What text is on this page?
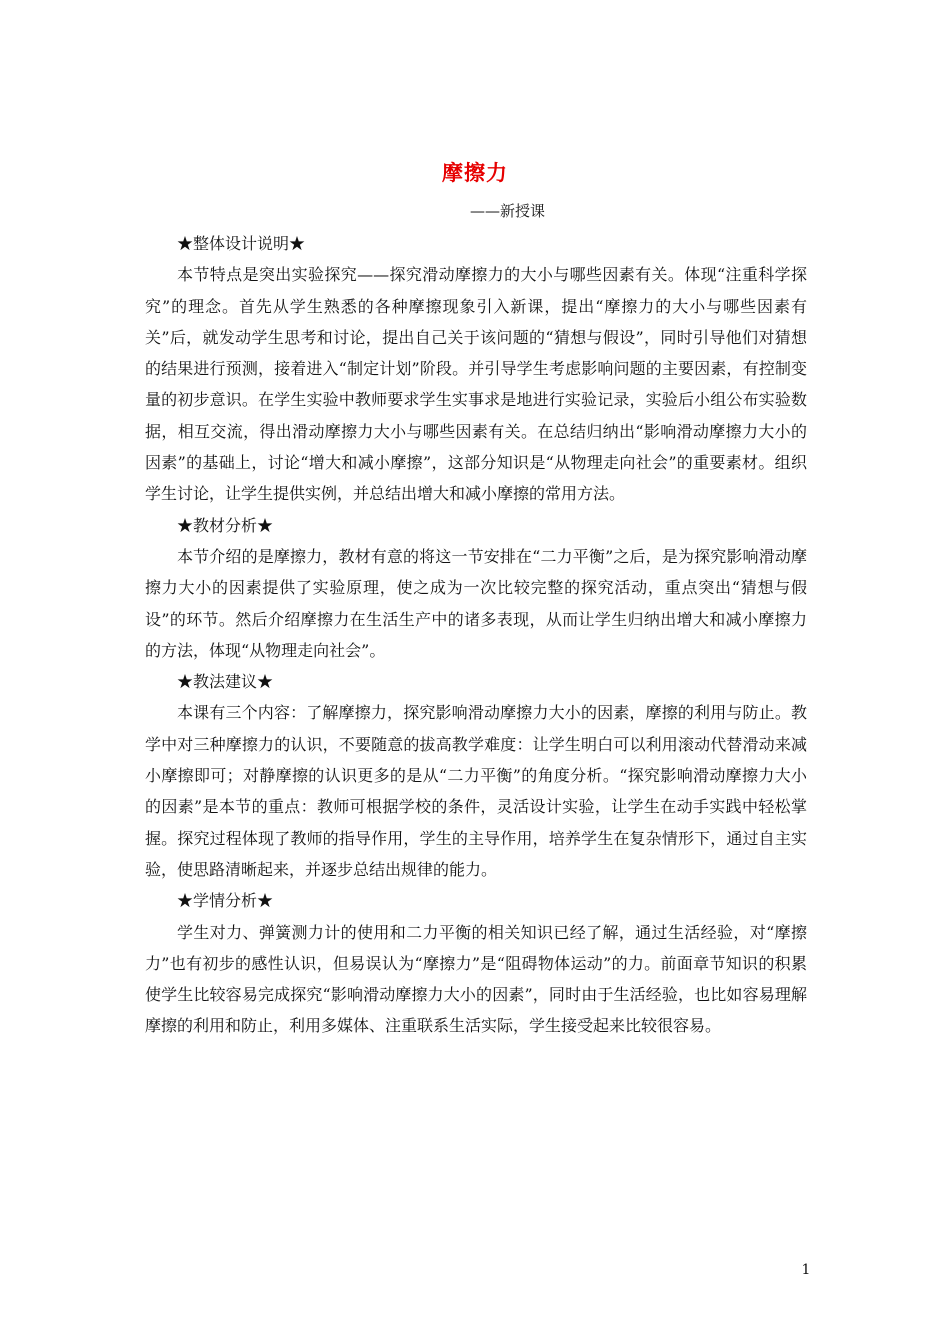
摩擦力
——新授课

★整体设计说明★

本节特点是突出实验探究——探究滑动摩擦力的大小与哪些因素有关。体现“注重科学探究”的理念。首先从学生熟悉的各种摩擦现象引入新课，提出“摩擦力的大小与哪些因素有关”后，就发动学生思考和讨论，提出自己关于该问题的“猜想与假设”，同时引导他们对猜想的结果进行预测，接着进入“制定计划”阶段。并引导学生考虑影响问题的主要因素，有控制变量的初步意识。在学生实验中教师要求学生实事求是地进行实验记录，实验后小组公布实验数据，相互交流，得出滑动摩擦力大小与哪些因素有关。在总结归纳出“影响滑动摩擦力大小的因素”的基础上，讨论“增大和减小摩擦”，这部分知识是“从物理走向社会”的重要素材。组织学生讨论，让学生提供实例，并总结出增大和减小摩擦的常用方法。

★教材分析★

本节介绍的是摩擦力，教材有意的将这一节安排在“二力平衡”之后，是为探究影响滑动摩擦力大小的因素提供了实验原理，使之成为一次比较完整的探究活动，重点突出“猜想与假设”的环节。然后介绍摩擦力在生活生产中的诸多表现，从而让学生归纳出增大和减小摩擦力的方法，体现“从物理走向社会”。

★教法建议★

本课有三个内容：了解摩擦力，探究影响滑动摩擦力大小的因素，摩擦的利用与防止。教学中对三种摩擦力的认识，不要随意的拔高教学难度：让学生明白可以利用滚动代替滑动来减小摩擦即可；对静摩擦的认识更多的是从“二力平衡”的角度分析。“探究影响滑动摩擦力大小的因素”是本节的重点：教师可根据学校的条件，灵活设计实验，让学生在动手实践中轻松掌握。探究过程体现了教师的指导作用，学生的主导作用，培养学生在复杂情形下，通过自主实验，使思路清晰起来，并逐步总结出规律的能力。

★学情分析★

学生对力、弹簧测力计的使用和二力平衡的相关知识已经了解，通过生活经验，对“摩擦力”也有初步的感性认识，但易误认为“摩擦力”是“阻碍物体运动”的力。前面章节知识的积累使学生比较容易完成探究“影响滑动摩擦力大小的因素”，同时由于生活经验，也比如容易理解摩擦的利用和防止，利用多媒体、注重联系生活实际，学生接受起来比较很容易。

1
